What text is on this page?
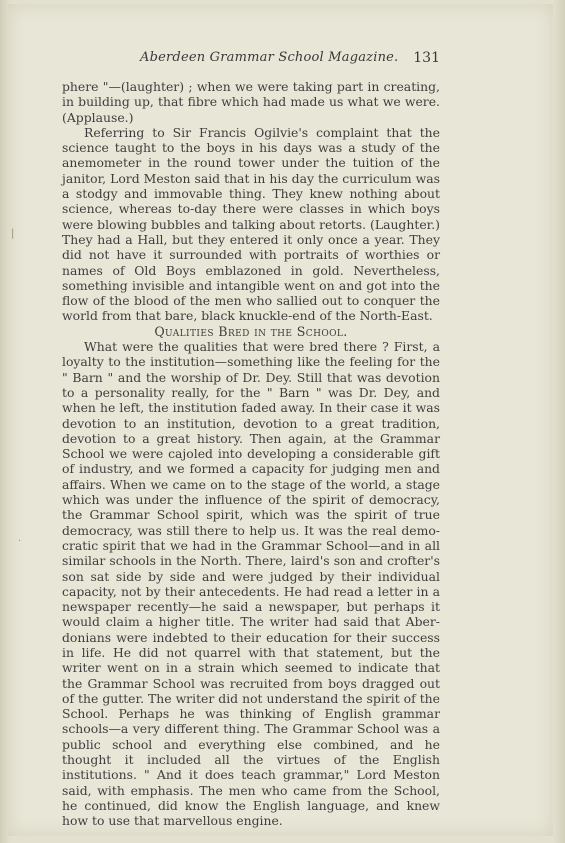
Aberdeen Grammar School Magazine. 131
|
.

phere "—(laughter) ; when we were taking part in creating, in building up, that fibre which had made us what we were. (Applause.)

Referring to Sir Francis Ogilvie's complaint that the science taught to the boys in his days was a study of the anemometer in the round tower under the tuition of the janitor, Lord Meston said that in his day the curriculum was a stodgy and immovable thing. They knew nothing about science, whereas to-day there were classes in which boys were blowing bubbles and talking about retorts. (Laughter.) They had a Hall, but they entered it only once a year. They did not have it surrounded with portraits of worthies or names of Old Boys emblazoned in gold. Nevertheless, something invisible and intangible went on and got into the flow of the blood of the men who sallied out to conquer the world from that bare, black knuckle-end of the North-East.

Qualities Bred in the School.

What were the qualities that were bred there ? First, a loyalty to the institution—something like the feeling for the " Barn " and the worship of Dr. Dey. Still that was devotion to a personality really, for the " Barn " was Dr. Dey, and when he left, the institution faded away. In their case it was devotion to an institution, devotion to a great tradition, devotion to a great history. Then again, at the Grammar School we were cajoled into developing a considerable gift of industry, and we formed a capacity for judging men and affairs. When we came on to the stage of the world, a stage which was under the influence of the spirit of democracy, the Grammar School spirit, which was the spirit of true democracy, was still there to help us. It was the real demo-cratic spirit that we had in the Grammar School—and in all similar schools in the North. There, laird's son and crofter's son sat side by side and were judged by their individual capacity, not by their antecedents. He had read a letter in a newspaper recently—he said a newspaper, but perhaps it would claim a higher title. The writer had said that Aber-donians were indebted to their education for their success in life. He did not quarrel with that statement, but the writer went on in a strain which seemed to indicate that the Grammar School was recruited from boys dragged out of the gutter. The writer did not understand the spirit of the School. Perhaps he was thinking of English grammar schools—a very different thing. The Grammar School was a public school and everything else combined, and he thought it included all the virtues of the English institutions. " And it does teach grammar," Lord Meston said, with emphasis. The men who came from the School, he continued, did know the English language, and knew how to use that marvellous engine.
